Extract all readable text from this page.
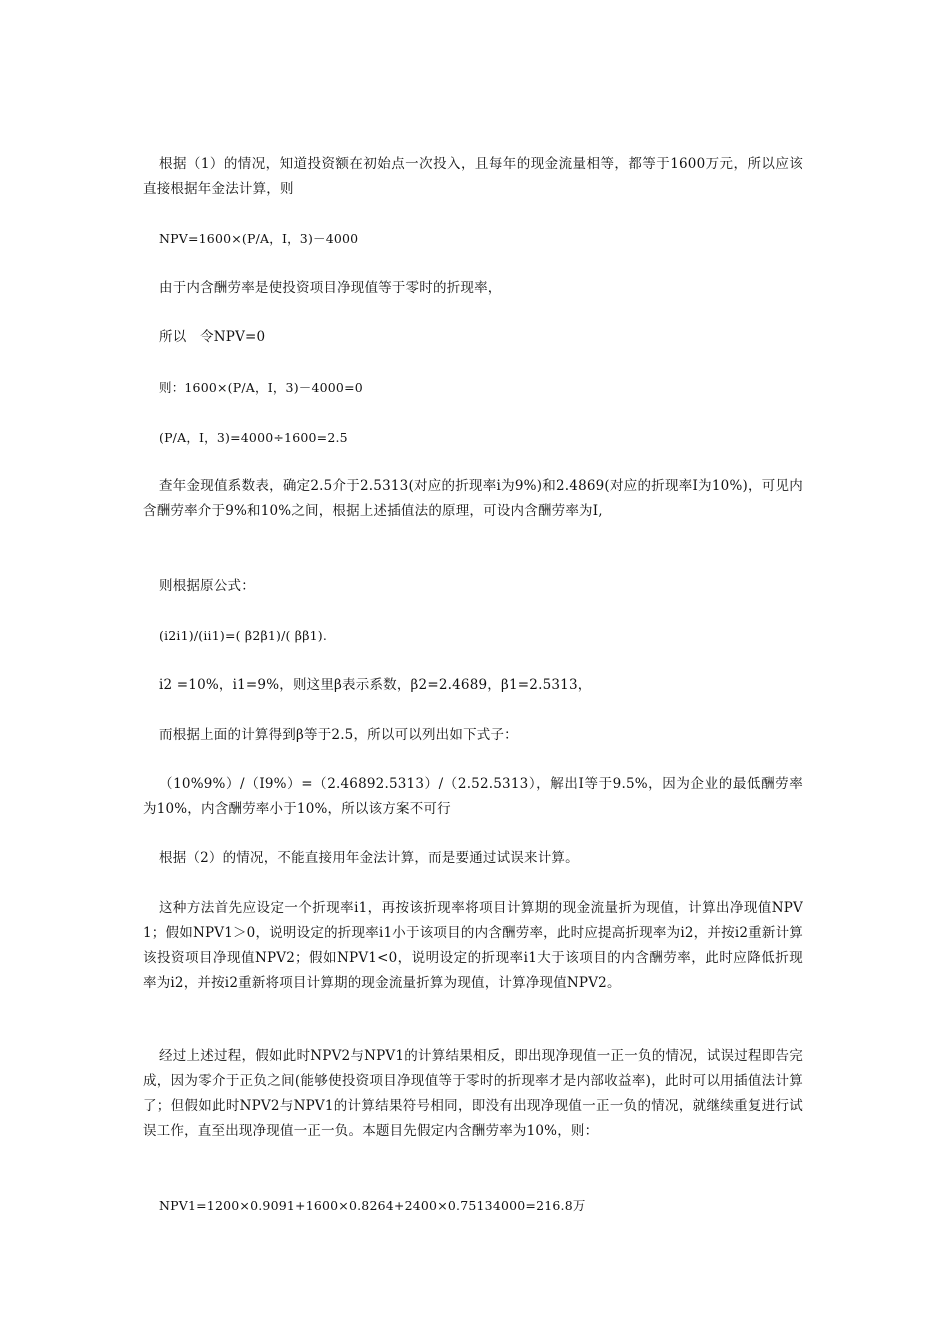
根据（1）的情况，知道投资额在初始点一次投入，且每年的现金流量相等，都等于1600万元，所以应该直接根据年金法计算，则

NPV=1600×(P/A，I，3)－4000

由于内含酬劳率是使投资项目净现值等于零时的折现率，

所以　令NPV=0

则：1600×(P/A，I，3)－4000=0

(P/A，I，3)=4000÷1600=2.5

查年金现值系数表，确定2.5介于2.5313(对应的折现率i为9%)和2.4869(对应的折现率I为10%)，可见内含酬劳率介于9%和10%之间，根据上述插值法的原理，可设内含酬劳率为I,

则根据原公式：

(i2i1)/(ii1)=( β2β1)/( ββ1).

i2 =10%，i1=9%，则这里β表示系数，β2=2.4689，β1=2.5313，

而根据上面的计算得到β等于2.5，所以可以列出如下式子：

（10%9%）/（I9%）=（2.46892.5313）/（2.52.5313），解出I等于9.5%，因为企业的最低酬劳率为10%，内含酬劳率小于10%，所以该方案不可行

根据（2）的情况，不能直接用年金法计算，而是要通过试误来计算。

这种方法首先应设定一个折现率i1，再按该折现率将项目计算期的现金流量折为现值，计算出净现值NPV1；假如NPV1＞0，说明设定的折现率i1小于该项目的内含酬劳率，此时应提高折现率为i2，并按i2重新计算该投资项目净现值NPV2；假如NPV1<0，说明设定的折现率i1大于该项目的内含酬劳率，此时应降低折现率为i2，并按i2重新将项目计算期的现金流量折算为现值，计算净现值NPV2。

经过上述过程，假如此时NPV2与NPV1的计算结果相反，即出现净现值一正一负的情况，试误过程即告完成，因为零介于正负之间(能够使投资项目净现值等于零时的折现率才是内部收益率)，此时可以用插值法计算了；但假如此时NPV2与NPV1的计算结果符号相同，即没有出现净现值一正一负的情况，就继续重复进行试误工作，直至出现净现值一正一负。本题目先假定内含酬劳率为10%，则：

NPV1=1200×0.9091+1600×0.8264+2400×0.75134000=216.8万
